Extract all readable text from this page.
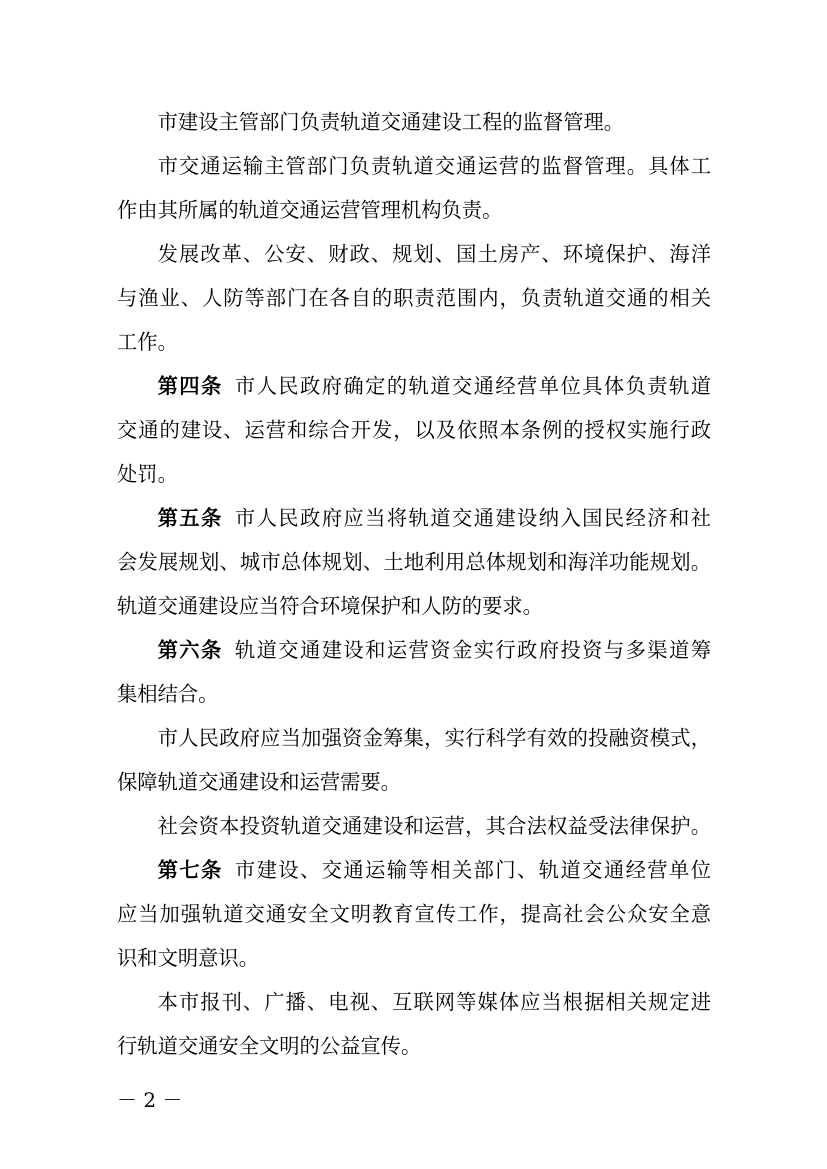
市建设主管部门负责轨道交通建设工程的监督管理。
市交通运输主管部门负责轨道交通运营的监督管理。具体工
作由其所属的轨道交通运营管理机构负责。
发展改革、公安、财政、规划、国土房产、环境保护、海洋
与渔业、人防等部门在各自的职责范围内，负责轨道交通的相关
工作。
第四条 市人民政府确定的轨道交通经营单位具体负责轨道
交通的建设、运营和综合开发，以及依照本条例的授权实施行政
处罚。
第五条 市人民政府应当将轨道交通建设纳入国民经济和社
会发展规划、城市总体规划、土地利用总体规划和海洋功能规划。
轨道交通建设应当符合环境保护和人防的要求。
第六条 轨道交通建设和运营资金实行政府投资与多渠道筹
集相结合。
市人民政府应当加强资金筹集，实行科学有效的投融资模式，
保障轨道交通建设和运营需要。
社会资本投资轨道交通建设和运营，其合法权益受法律保护。
第七条 市建设、交通运输等相关部门、轨道交通经营单位
应当加强轨道交通安全文明教育宣传工作，提高社会公众安全意
识和文明意识。
本市报刊、广播、电视、互联网等媒体应当根据相关规定进
行轨道交通安全文明的公益宣传。
－ 2 －
